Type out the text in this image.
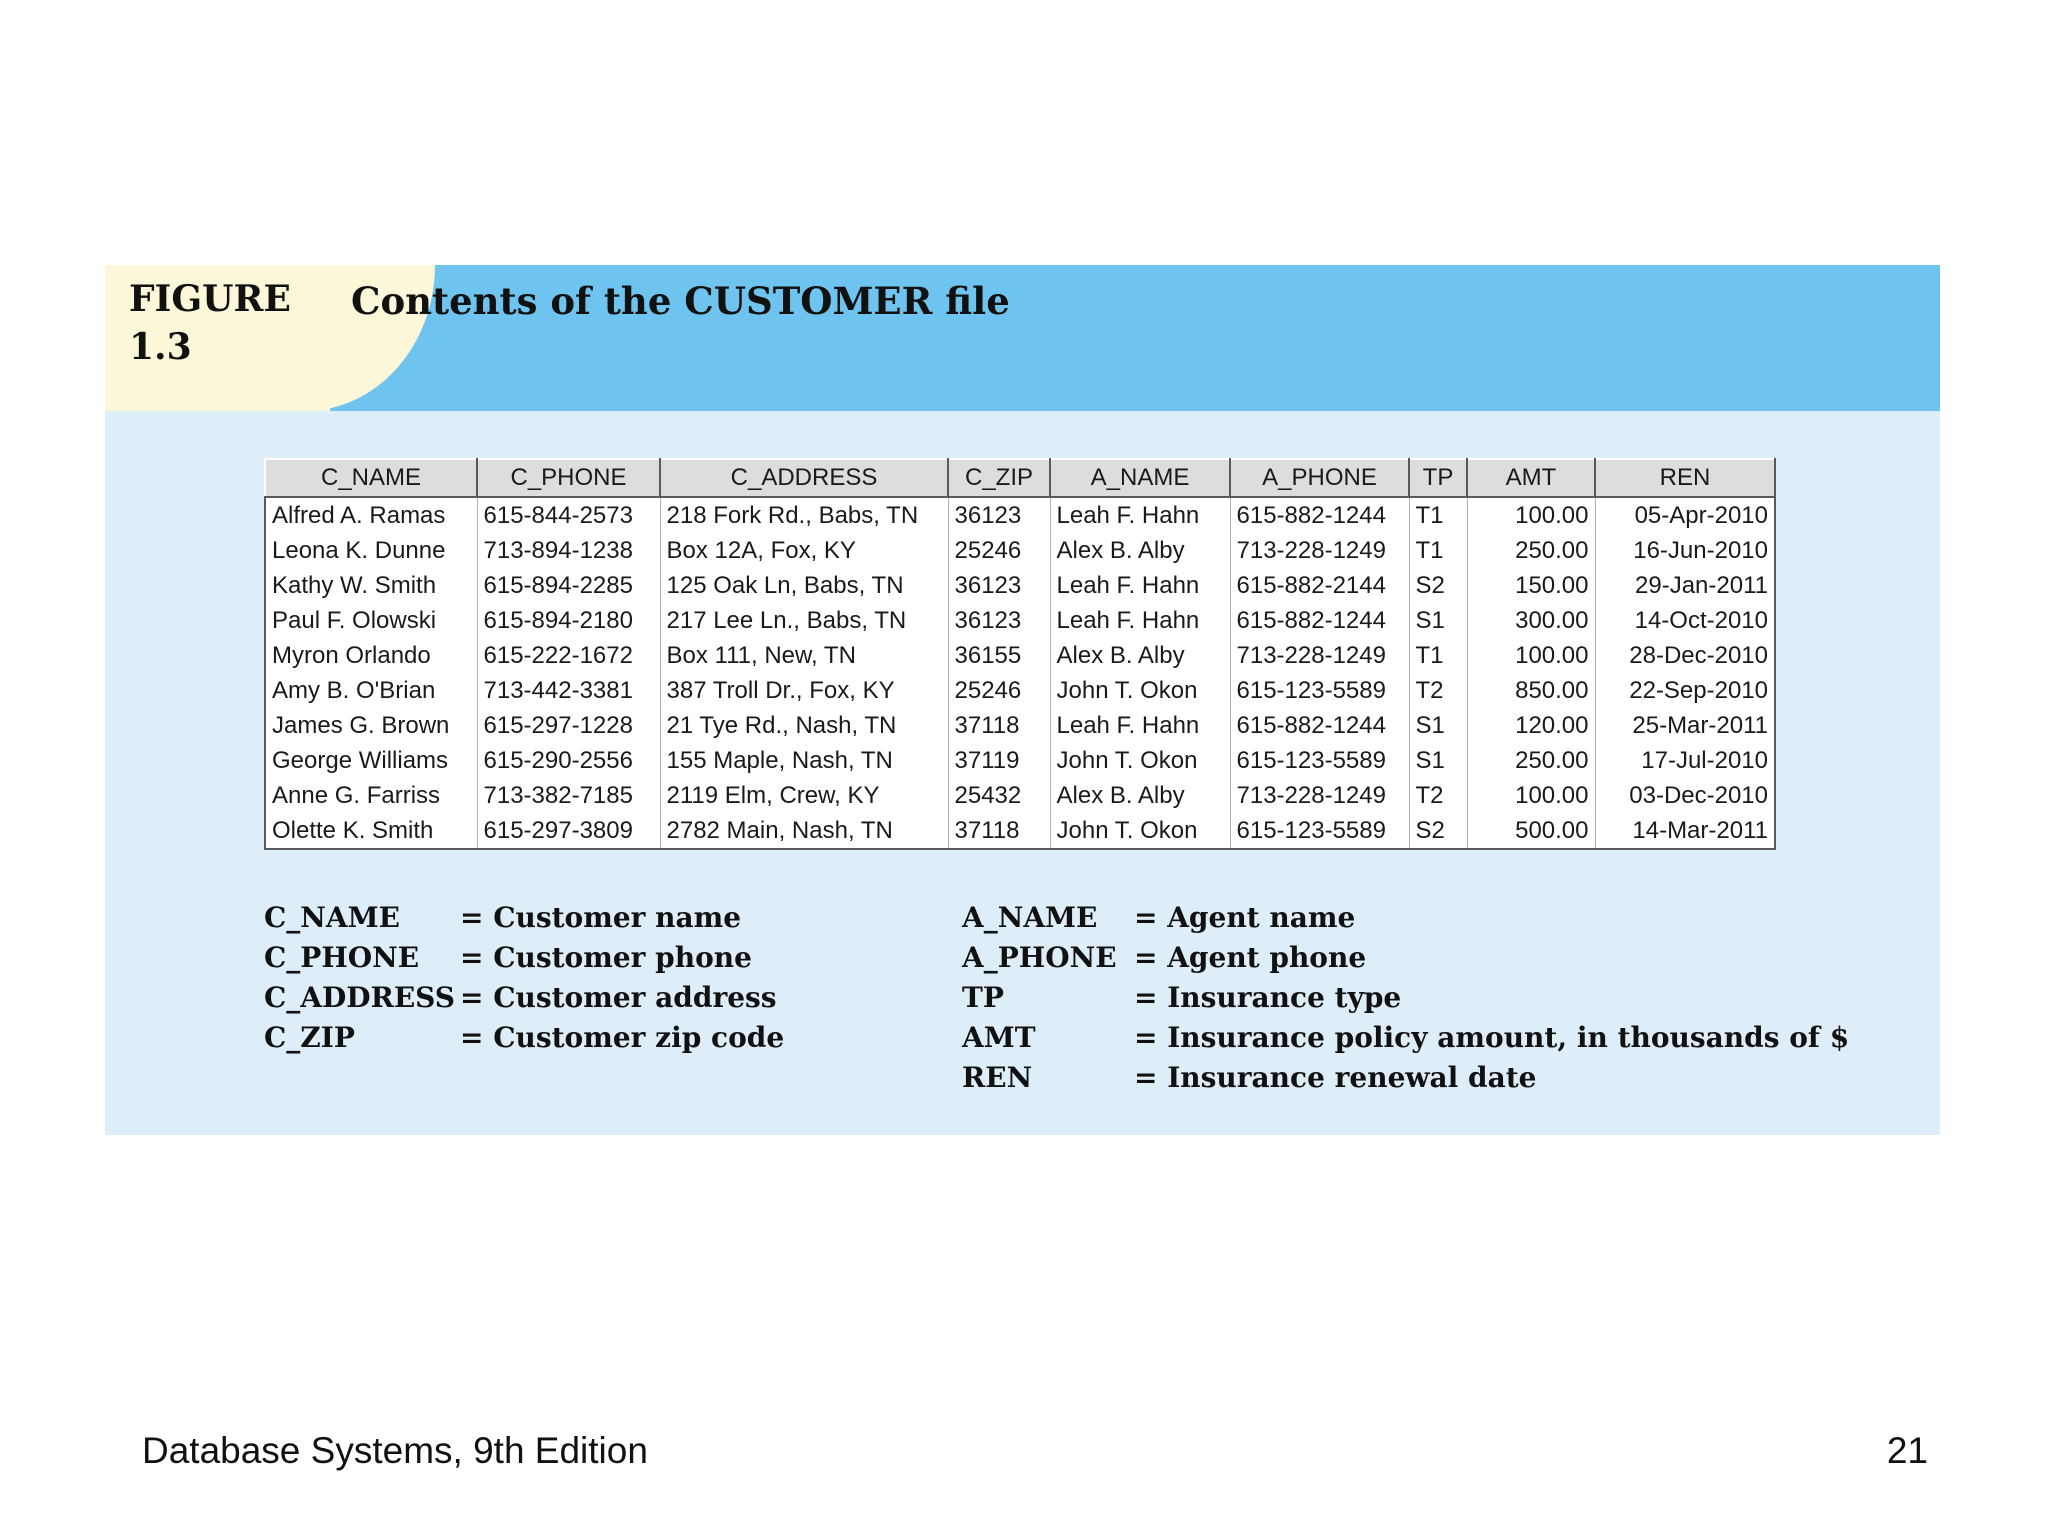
FIGURE
1.3
Contents of the CUSTOMER file
C_NAME	C_PHONE	C_ADDRESS	C_ZIP	A_NAME	A_PHONE	TP	AMT	REN
Alfred A. Ramas	615-844-2573	218 Fork Rd., Babs, TN	36123	Leah F. Hahn	615-882-1244	T1	100.00	05-Apr-2010
Leona K. Dunne	713-894-1238	Box 12A, Fox, KY	25246	Alex B. Alby	713-228-1249	T1	250.00	16-Jun-2010
Kathy W. Smith	615-894-2285	125 Oak Ln, Babs, TN	36123	Leah F. Hahn	615-882-2144	S2	150.00	29-Jan-2011
Paul F. Olowski	615-894-2180	217 Lee Ln., Babs, TN	36123	Leah F. Hahn	615-882-1244	S1	300.00	14-Oct-2010
Myron Orlando	615-222-1672	Box 111, New, TN	36155	Alex B. Alby	713-228-1249	T1	100.00	28-Dec-2010
Amy B. O'Brian	713-442-3381	387 Troll Dr., Fox, KY	25246	John T. Okon	615-123-5589	T2	850.00	22-Sep-2010
James G. Brown	615-297-1228	21 Tye Rd., Nash, TN	37118	Leah F. Hahn	615-882-1244	S1	120.00	25-Mar-2011
George Williams	615-290-2556	155 Maple, Nash, TN	37119	John T. Okon	615-123-5589	S1	250.00	17-Jul-2010
Anne G. Farriss	713-382-7185	2119 Elm, Crew, KY	25432	Alex B. Alby	713-228-1249	T2	100.00	03-Dec-2010
Olette K. Smith	615-297-3809	2782 Main, Nash, TN	37118	John T. Okon	615-123-5589	S2	500.00	14-Mar-2011
C_NAME	= Customer name
C_PHONE	= Customer phone
C_ADDRESS = Customer address
C_ZIP	= Customer zip code
A_NAME	= Agent name
A_PHONE = Agent phone
TP	= Insurance type
AMT	= Insurance policy amount, in thousands of $
REN	= Insurance renewal date
Database Systems, 9th Edition	21
